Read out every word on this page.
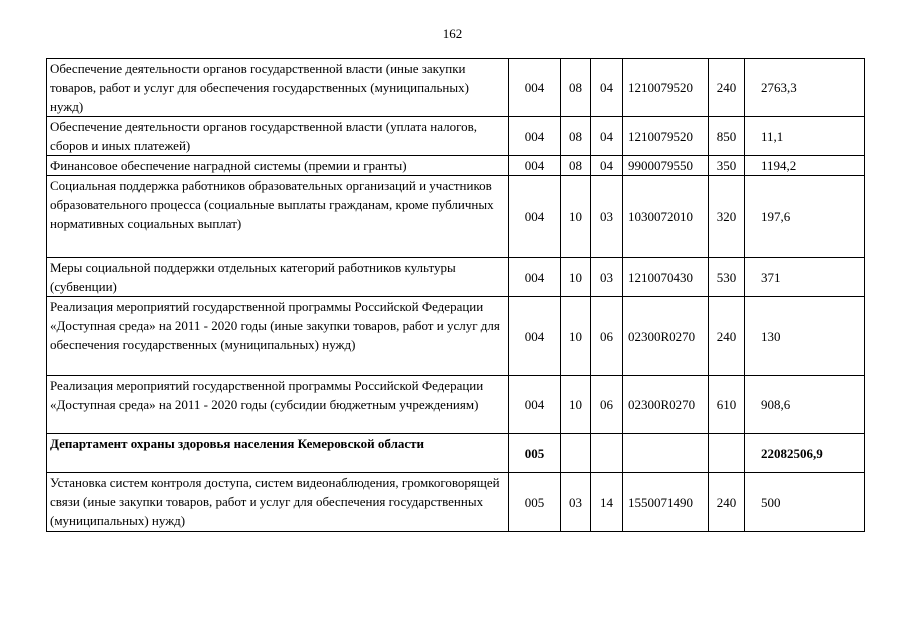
162
Обеспечение деятельности органов государственной власти (иные закупки товаров, работ и услуг для обеспечения государственных (муниципальных) нужд)	004	08	04	1210079520	240	2763,3
Обеспечение деятельности органов государственной власти (уплата налогов, сборов и иных платежей)	004	08	04	1210079520	850	11,1
Финансовое обеспечение наградной системы (премии и гранты)	004	08	04	9900079550	350	1194,2
Социальная поддержка работников образовательных организаций и участников образовательного процесса (социальные выплаты гражданам, кроме публичных нормативных социальных выплат)	004	10	03	1030072010	320	197,6
Меры социальной поддержки отдельных категорий работников культуры (субвенции)	004	10	03	1210070430	530	371
Реализация мероприятий государственной программы Российской Федерации «Доступная среда» на 2011 - 2020 годы (иные закупки товаров, работ и услуг для обеспечения государственных (муниципальных) нужд)	004	10	06	02300R0270	240	130
Реализация мероприятий государственной программы Российской Федерации «Доступная среда» на 2011 - 2020 годы (субсидии бюджетным учреждениям)	004	10	06	02300R0270	610	908,6
Департамент охраны здоровья населения Кемеровской области	005					22082506,9
Установка систем контроля доступа, систем видеонаблюдения, громкоговорящей связи (иные закупки товаров, работ и услуг для обеспечения государственных (муниципальных) нужд)	005	03	14	1550071490	240	500
